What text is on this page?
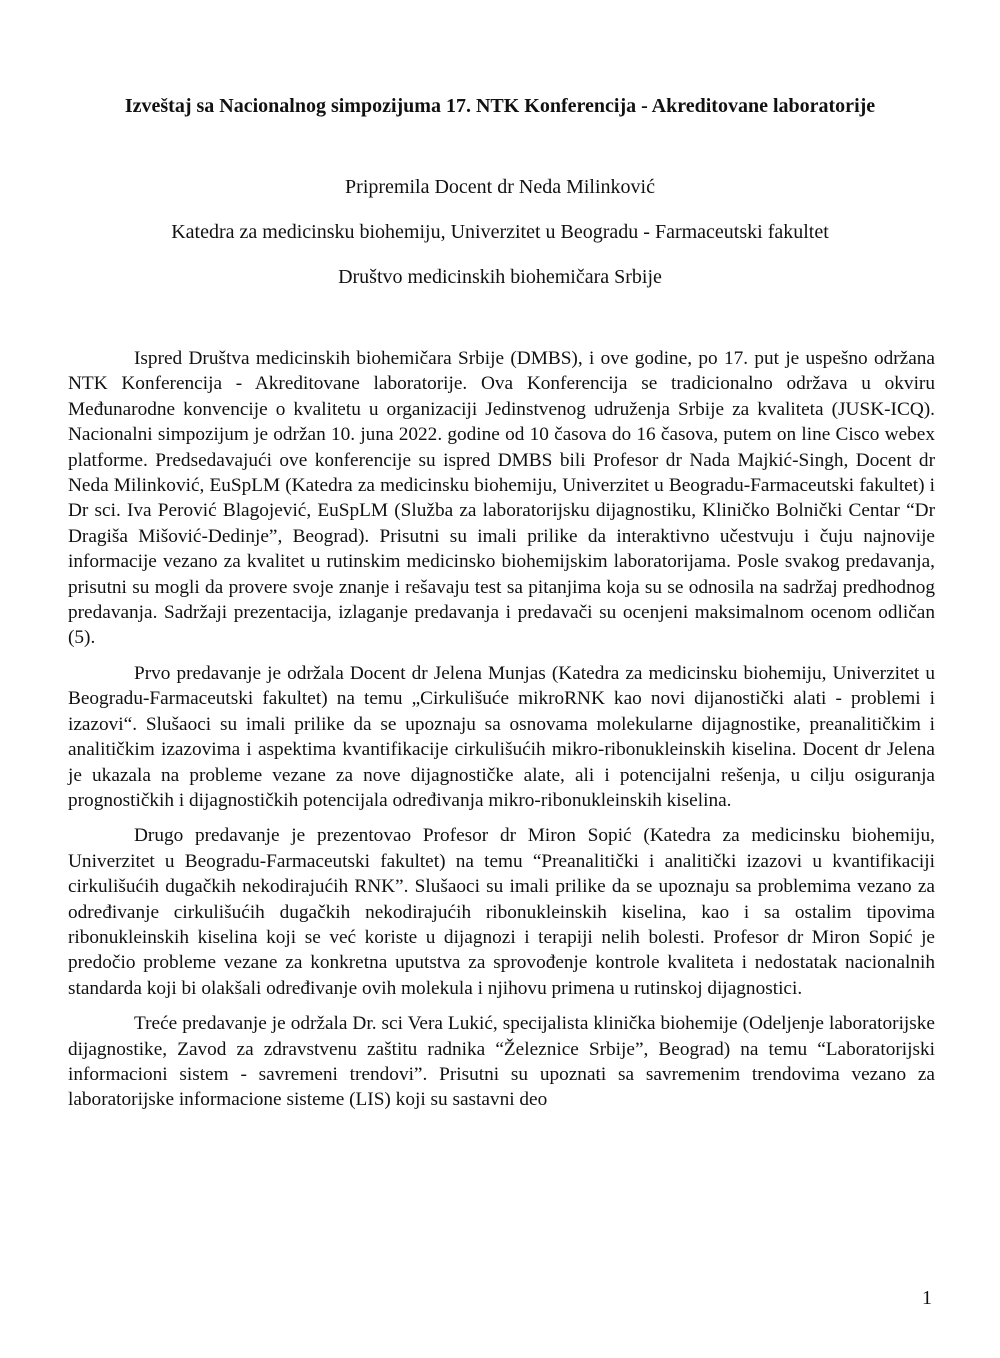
Izveštaj sa Nacionalnog simpozijuma 17. NTK Konferencija - Akreditovane laboratorije

Pripremila Docent dr Neda Milinković

Katedra za medicinsku biohemiju, Univerzitet u Beogradu - Farmaceutski fakultet

Društvo medicinskih biohemičara Srbije

Ispred Društva medicinskih biohemičara Srbije (DMBS), i ove godine, po 17. put je uspešno održana NTK Konferencija - Akreditovane laboratorije. Ova Konferencija se tradicionalno održava u okviru Međunarodne konvencije o kvalitetu u organizaciji Jedinstvenog udruženja Srbije za kvaliteta (JUSK-ICQ). Nacionalni simpozijum je održan 10. juna 2022. godine od 10 časova do 16 časova, putem on line Cisco webex platforme. Predsedavajući ove konferencije su ispred DMBS bili Profesor dr Nada Majkić-Singh, Docent dr Neda Milinković, EuSpLM (Katedra za medicinsku biohemiju, Univerzitet u Beogradu-Farmaceutski fakultet) i Dr sci. Iva Perović Blagojević, EuSpLM (Služba za laboratorijsku dijagnostiku, Kliničko Bolnički Centar “Dr Dragiša Mišović-Dedinje”, Beograd). Prisutni su imali prilike da interaktivno učestvuju i čuju najnovije informacije vezano za kvalitet u rutinskim medicinsko biohemijskim laboratorijama. Posle svakog predavanja, prisutni su mogli da provere svoje znanje i rešavaju test sa pitanjima koja su se odnosila na sadržaj predhodnog predavanja. Sadržaji prezentacija, izlaganje predavanja i predavači su ocenjeni maksimalnom ocenom odličan (5).

Prvo predavanje je održala Docent dr Jelena Munjas (Katedra za medicinsku biohemiju, Univerzitet u Beogradu-Farmaceutski fakultet) na temu „Cirkulišuće mikroRNK kao novi dijanostički alati - problemi i izazovi“. Slušaoci su imali prilike da se upoznaju sa osnovama molekularne dijagnostike, preanalitičkim i analitičkim izazovima i aspektima kvantifikacije cirkulišućih mikro-ribonukleinskih kiselina. Docent dr Jelena je ukazala na probleme vezane za nove dijagnostičke alate, ali i potencijalni rešenja, u cilju osiguranja prognostičkih i dijagnostičkih potencijala određivanja mikro-ribonukleinskih kiselina.

Drugo predavanje je prezentovao Profesor dr Miron Sopić (Katedra za medicinsku biohemiju, Univerzitet u Beogradu-Farmaceutski fakultet) na temu “Preanalitički i analitički izazovi u kvantifikaciji cirkulišućih dugačkih nekodirajućih RNK”. Slušaoci su imali prilike da se upoznaju sa problemima vezano za određivanje cirkulišućih dugačkih nekodirajućih ribonukleinskih kiselina, kao i sa ostalim tipovima ribonukleinskih kiselina koji se već koriste u dijagnozi i terapiji nelih bolesti. Profesor dr Miron Sopić je predočio probleme vezane za konkretna uputstva za sprovođenje kontrole kvaliteta i nedostatak nacionalnih standarda koji bi olakšali određivanje ovih molekula i njihovu primena u rutinskoj dijagnostici.

Treće predavanje je održala Dr. sci Vera Lukić, specijalista klinička biohemije (Odeljenje laboratorijske dijagnostike, Zavod za zdravstvenu zaštitu radnika “Železnice Srbije”, Beograd) na temu “Laboratorijski informacioni sistem - savremeni trendovi”. Prisutni su upoznati sa savremenim trendovima vezano za laboratorijske informacione sisteme (LIS) koji su sastavni deo

1
